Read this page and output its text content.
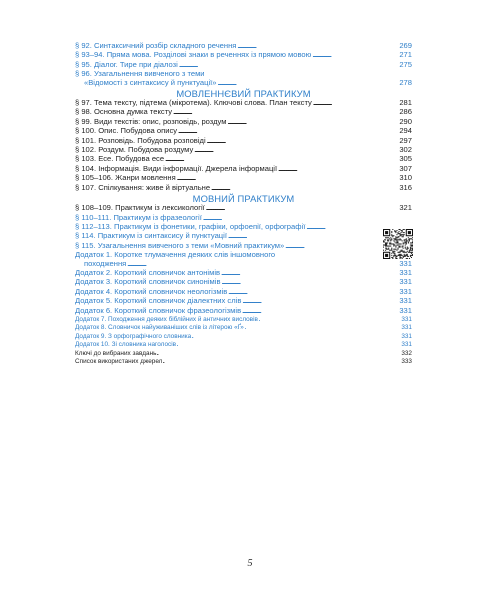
§ 92.
Синтаксичний розбір складного речення . . .	269
§ 93–94.
Пряма мова. Розділові знаки в реченнях із прямою мовою . . .	271
§ 95.
Діалог. Тире при діалозі . . .	275
§ 96.
Узагальнення вивченого з теми
«Відомості з синтаксису й пунктуації» . . .	278
МОВЛЕННЄВИЙ ПРАКТИКУМ
§ 97.
Тема тексту, підтема (мікротема). Ключові слова. План тексту . . .	281
§ 98.
Основна думка тексту . . .	286
§ 99.
Види текстів: опис, розповідь, роздум . . .	290
§ 100.
Опис. Побудова опису . . .	294
§ 101.
Розповідь. Побудова розповіді . . .	297
§ 102.
Роздум. Побудова роздуму . . .	302
§ 103.
Есе. Побудова есе . . .	305
§ 104.
Інформація. Види інформації. Джерела інформації . . .	307
§ 105–106.
Жанри мовлення . . .	310
§ 107.
Спілкування: живе й віртуальне . . .	316
МОВНИЙ ПРАКТИКУМ
§ 108–109.
Практикум із лексикології . . .	321
§ 110–111.
Практикум із фразеології
. . .
§ 112–113.
Практикум із фонетики, графіки, орфоепії, орфографії
. . .
§ 114.
Практикум із синтаксису й пунктуації
. . .
§ 115.
Узагальнення вивченого з теми «Мовний практикум»
. . .
Додаток 1. Коротке тлумачення деяких слів іншомовного
походження . . .	331
Додаток 2. Короткий словничок антонімів . . .	331
Додаток 3. Короткий словничок синонімів . . .	331
Додаток 4. Короткий словничок неологізмів . . .	331
Додаток 5. Короткий словничок діалектних слів . . .	331
Додаток 6. Короткий словничок фразеологізмів . . .	331
Додаток 7. Походження деяких біблійних й античних висловів . . .	331
Додаток 8. Словничок найуживаніших слів із літерою «Ґ» . . .	331
Додаток 9. З орфографічного словника . . .	331
Додаток 10. Зі словника наголосів . . .	331
Ключі до вибраних завдань . . .	332
Список використаних джерел . . .	333
5
